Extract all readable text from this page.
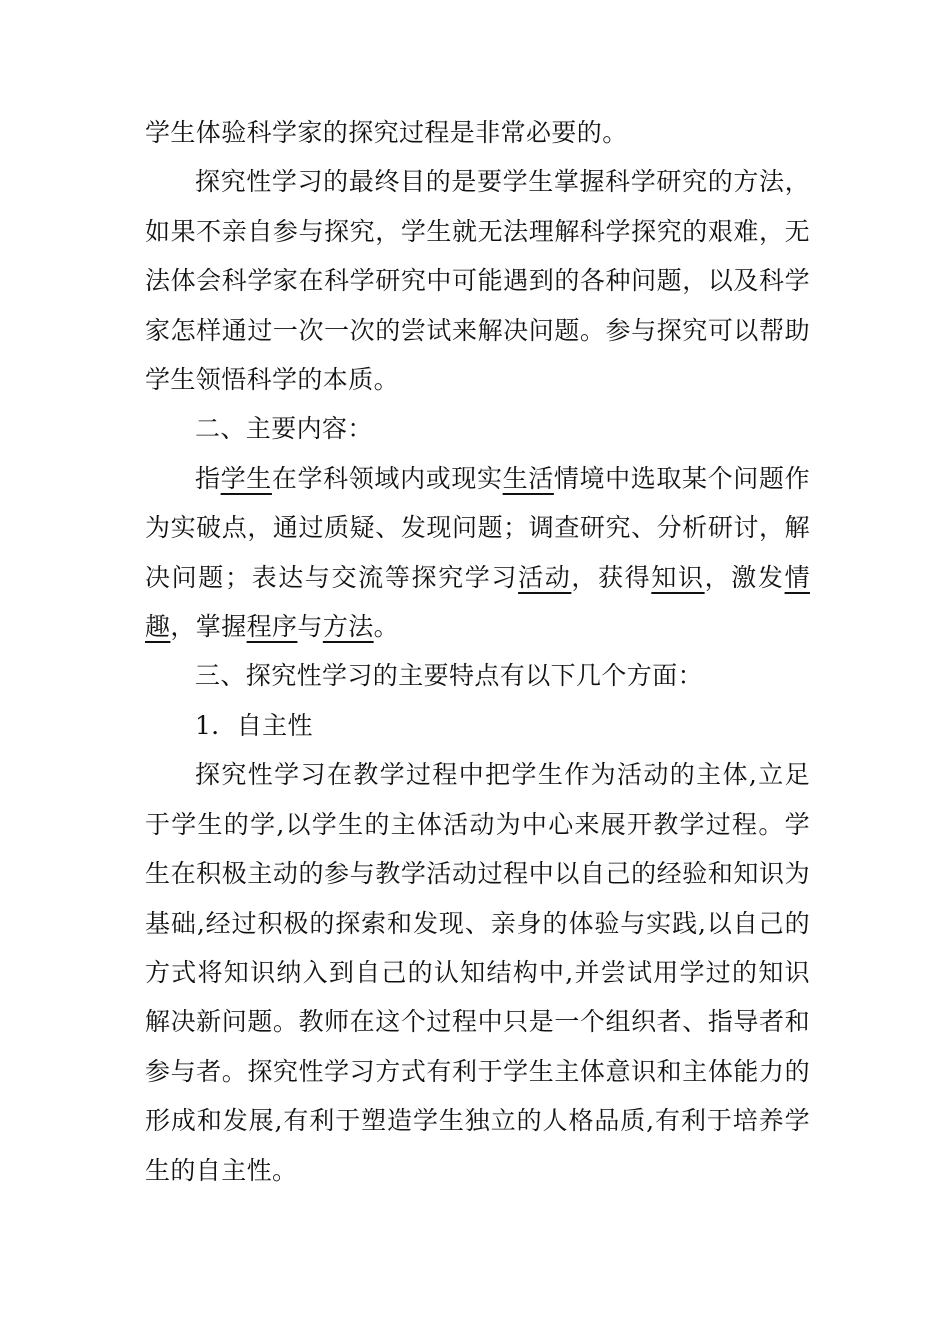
学生体验科学家的探究过程是非常必要的。

探究性学习的最终目的是要学生掌握科学研究的方法，如果不亲自参与探究，学生就无法理解科学探究的艰难，无法体会科学家在科学研究中可能遇到的各种问题，以及科学家怎样通过一次一次的尝试来解决问题。参与探究可以帮助学生领悟科学的本质。

二、主要内容：

指学生在学科领域内或现实生活情境中选取某个问题作为实破点，通过质疑、发现问题；调查研究、分析研讨，解决问题；表达与交流等探究学习活动，获得知识，激发情趣，掌握程序与方法。

三、探究性学习的主要特点有以下几个方面：

1．自主性

探究性学习在教学过程中把学生作为活动的主体,立足于学生的学,以学生的主体活动为中心来展开教学过程。学生在积极主动的参与教学活动过程中以自己的经验和知识为基础,经过积极的探索和发现、亲身的体验与实践,以自己的方式将知识纳入到自己的认知结构中,并尝试用学过的知识解决新问题。教师在这个过程中只是一个组织者、指导者和参与者。探究性学习方式有利于学生主体意识和主体能力的形成和发展,有利于塑造学生独立的人格品质,有利于培养学生的自主性。
